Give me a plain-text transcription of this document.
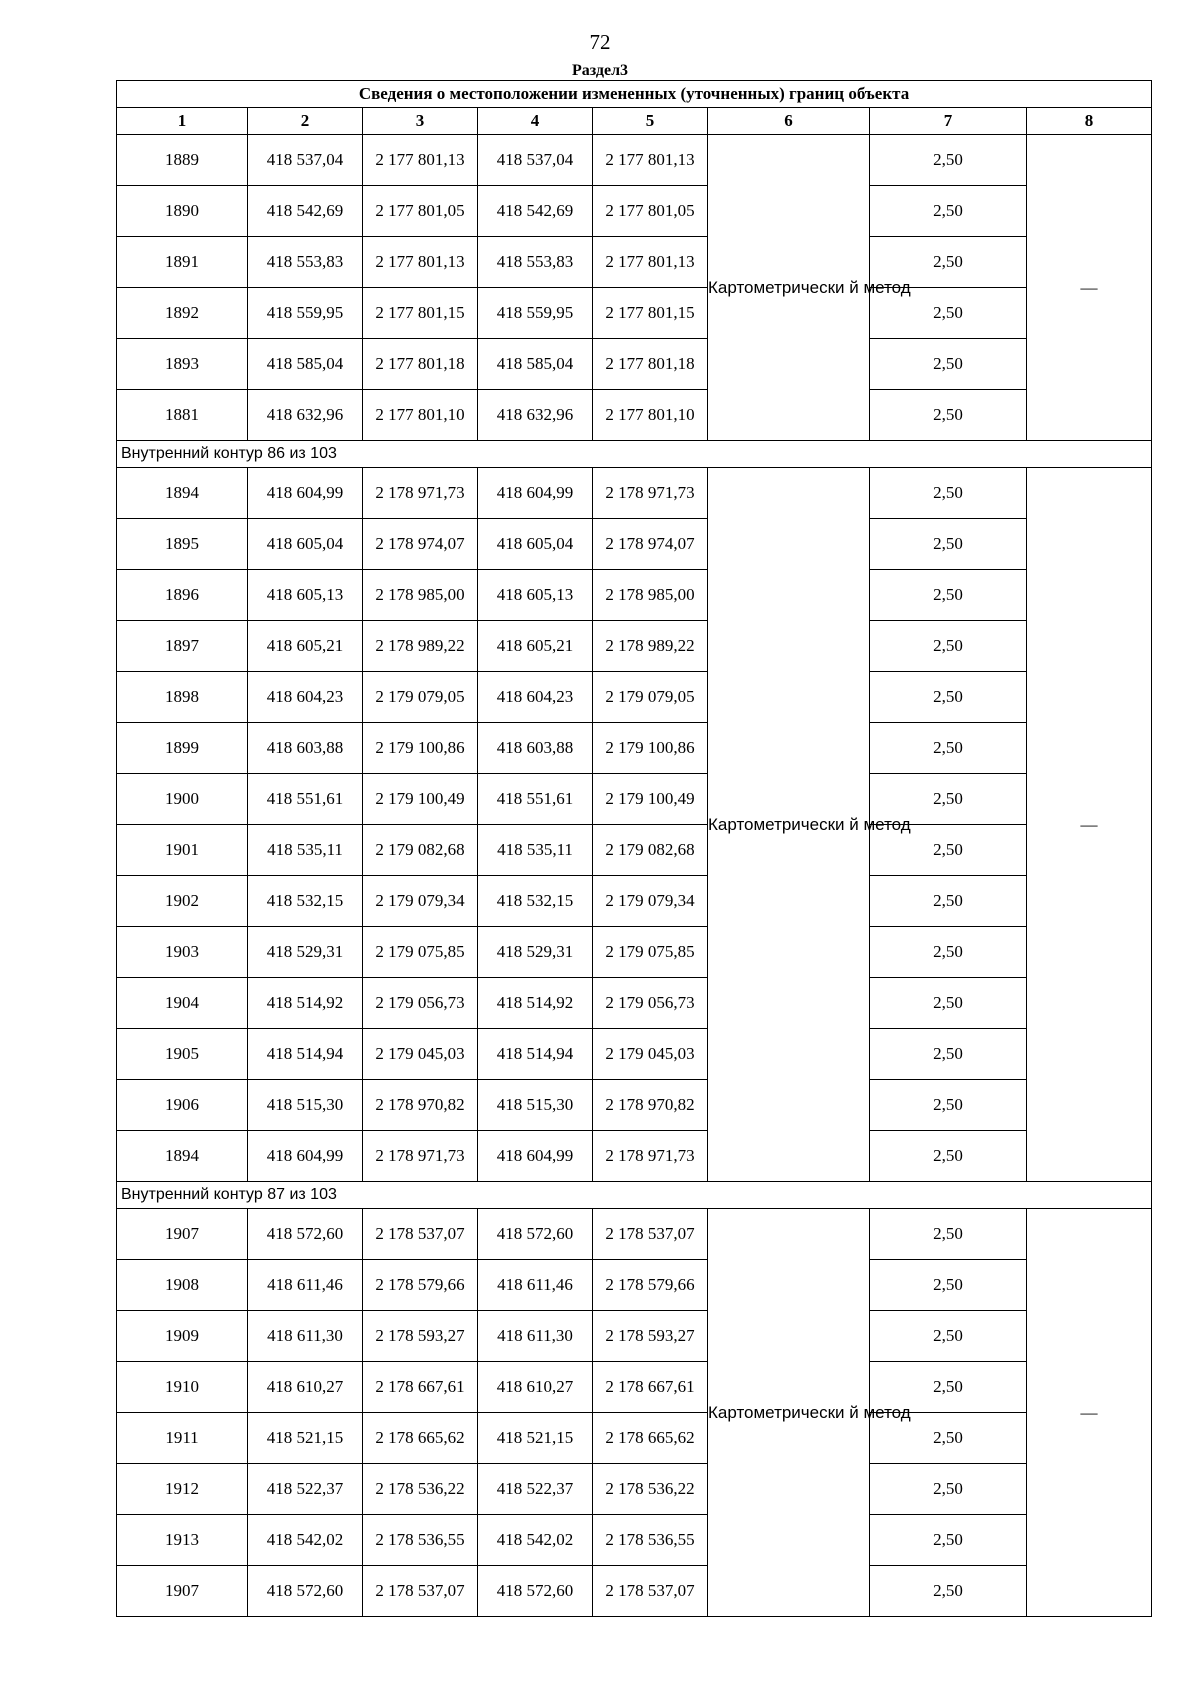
72
Раздел3
Сведения о местоположении измененных (уточненных) границ объекта							
1	2	3	4	5	6	7	8
1889	418 537,04	2 177 801,13	418 537,04	2 177 801,13	Картометрически й метод	2,50	—
1890	418 542,69	2 177 801,05	418 542,69	2 177 801,05		2,50	
1891	418 553,83	2 177 801,13	418 553,83	2 177 801,13		2,50	
1892	418 559,95	2 177 801,15	418 559,95	2 177 801,15		2,50	
1893	418 585,04	2 177 801,18	418 585,04	2 177 801,18		2,50	
1881	418 632,96	2 177 801,10	418 632,96	2 177 801,10		2,50	
Внутренний контур 86 из 103							
1894	418 604,99	2 178 971,73	418 604,99	2 178 971,73	Картометрически й метод	2,50	—
1895	418 605,04	2 178 974,07	418 605,04	2 178 974,07		2,50	
1896	418 605,13	2 178 985,00	418 605,13	2 178 985,00		2,50	
1897	418 605,21	2 178 989,22	418 605,21	2 178 989,22		2,50	
1898	418 604,23	2 179 079,05	418 604,23	2 179 079,05		2,50	
1899	418 603,88	2 179 100,86	418 603,88	2 179 100,86		2,50	
1900	418 551,61	2 179 100,49	418 551,61	2 179 100,49		2,50	
1901	418 535,11	2 179 082,68	418 535,11	2 179 082,68		2,50	
1902	418 532,15	2 179 079,34	418 532,15	2 179 079,34		2,50	
1903	418 529,31	2 179 075,85	418 529,31	2 179 075,85		2,50	
1904	418 514,92	2 179 056,73	418 514,92	2 179 056,73		2,50	
1905	418 514,94	2 179 045,03	418 514,94	2 179 045,03		2,50	
1906	418 515,30	2 178 970,82	418 515,30	2 178 970,82		2,50	
1894	418 604,99	2 178 971,73	418 604,99	2 178 971,73		2,50	
Внутренний контур 87 из 103							
1907	418 572,60	2 178 537,07	418 572,60	2 178 537,07	Картометрически й метод	2,50	—
1908	418 611,46	2 178 579,66	418 611,46	2 178 579,66		2,50	
1909	418 611,30	2 178 593,27	418 611,30	2 178 593,27		2,50	
1910	418 610,27	2 178 667,61	418 610,27	2 178 667,61		2,50	
1911	418 521,15	2 178 665,62	418 521,15	2 178 665,62		2,50	
1912	418 522,37	2 178 536,22	418 522,37	2 178 536,22		2,50	
1913	418 542,02	2 178 536,55	418 542,02	2 178 536,55		2,50	
1907	418 572,60	2 178 537,07	418 572,60	2 178 537,07		2,50	
